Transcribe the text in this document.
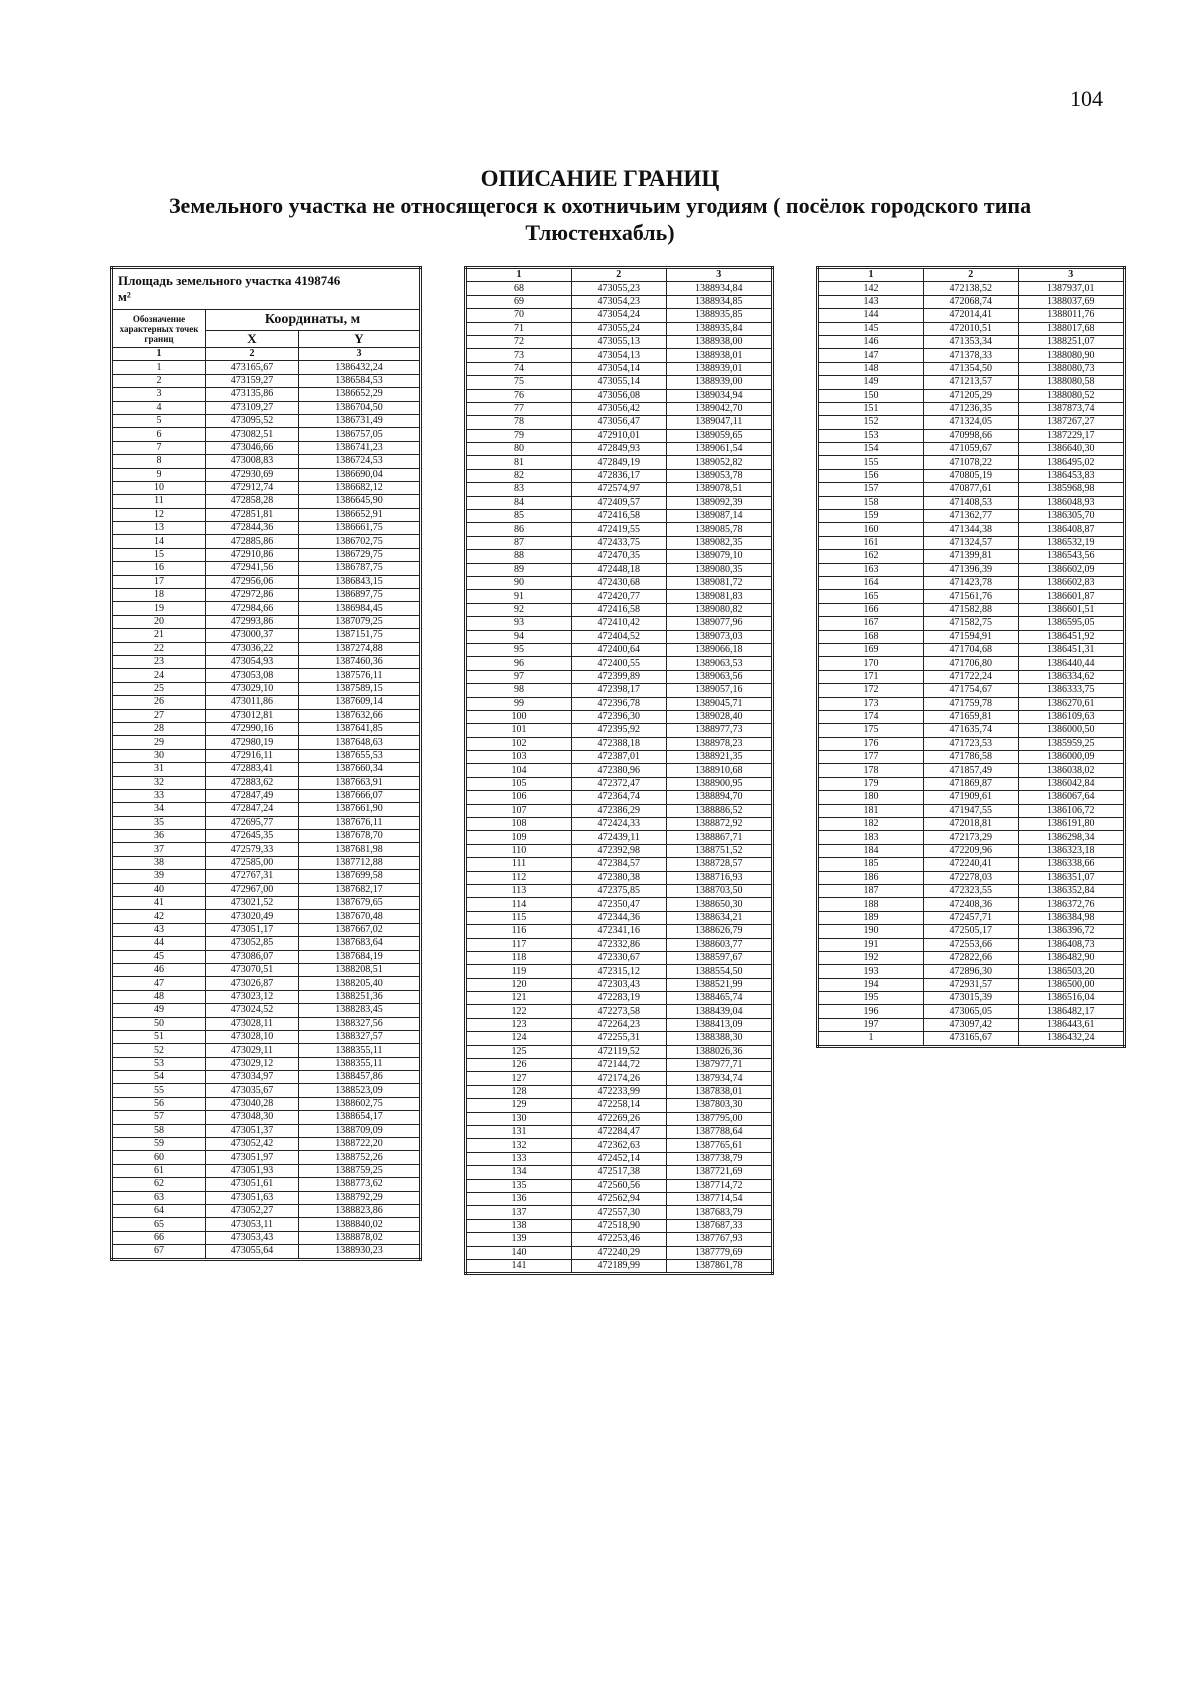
104
ОПИСАНИЕ ГРАНИЦ
Земельного участка не относящегося к охотничьим угодиям ( посёлок городского типа Тлюстенхабль)
Площадь земельного участка 4198746
м²		
Обозначение характерных точек границ	Координаты, м	
	X	Y
1	2	3
1	473165,67	1386432,24
2	473159,27	1386584,53
3	473135,86	1386652,29
4	473109,27	1386704,50
5	473095,52	1386731,49
6	473082,51	1386757,05
7	473046,66	1386741,23
8	473008,83	1386724,53
9	472930,69	1386690,04
10	472912,74	1386682,12
11	472858,28	1386645,90
12	472851,81	1386652,91
13	472844,36	1386661,75
14	472885,86	1386702,75
15	472910,86	1386729,75
16	472941,56	1386787,75
17	472956,06	1386843,15
18	472972,86	1386897,75
19	472984,66	1386984,45
20	472993,86	1387079,25
21	473000,37	1387151,75
22	473036,22	1387274,88
23	473054,93	1387460,36
24	473053,08	1387576,11
25	473029,10	1387589,15
26	473011,86	1387609,14
27	473012,81	1387632,66
28	472990,16	1387641,85
29	472980,19	1387648,63
30	472916,11	1387655,53
31	472883,41	1387660,34
32	472883,62	1387663,91
33	472847,49	1387666,07
34	472847,24	1387661,90
35	472695,77	1387676,11
36	472645,35	1387678,70
37	472579,33	1387681,98
38	472585,00	1387712,88
39	472767,31	1387699,58
40	472967,00	1387682,17
41	473021,52	1387679,65
42	473020,49	1387670,48
43	473051,17	1387667,02
44	473052,85	1387683,64
45	473086,07	1387684,19
46	473070,51	1388208,51
47	473026,87	1388205,40
48	473023,12	1388251,36
49	473024,52	1388283,45
50	473028,11	1388327,56
51	473028,10	1388327,57
52	473029,11	1388355,11
53	473029,12	1388355,11
54	473034,97	1388457,86
55	473035,67	1388523,09
56	473040,28	1388602,75
57	473048,30	1388654,17
58	473051,37	1388709,09
59	473052,42	1388722,20
60	473051,97	1388752,26
61	473051,93	1388759,25
62	473051,61	1388773,62
63	473051,63	1388792,29
64	473052,27	1388823,86
65	473053,11	1388840,02
66	473053,43	1388878,02
67	473055,64	1388930,23
1	2	3
68	473055,23	1388934,84
69	473054,23	1388934,85
70	473054,24	1388935,85
71	473055,24	1388935,84
72	473055,13	1388938,00
73	473054,13	1388938,01
74	473054,14	1388939,01
75	473055,14	1388939,00
76	473056,08	1389034,94
77	473056,42	1389042,70
78	473056,47	1389047,11
79	472910,01	1389059,65
80	472849,93	1389061,54
81	472849,19	1389052,82
82	472836,17	1389053,78
83	472574,97	1389078,51
84	472409,57	1389092,39
85	472416,58	1389087,14
86	472419,55	1389085,78
87	472433,75	1389082,35
88	472470,35	1389079,10
89	472448,18	1389080,35
90	472430,68	1389081,72
91	472420,77	1389081,83
92	472416,58	1389080,82
93	472410,42	1389077,96
94	472404,52	1389073,03
95	472400,64	1389066,18
96	472400,55	1389063,53
97	472399,89	1389063,56
98	472398,17	1389057,16
99	472396,78	1389045,71
100	472396,30	1389028,40
101	472395,92	1388977,73
102	472388,18	1388978,23
103	472387,01	1388921,35
104	472380,96	1388910,68
105	472372,47	1388900,95
106	472364,74	1388894,70
107	472386,29	1388886,52
108	472424,33	1388872,92
109	472439,11	1388867,71
110	472392,98	1388751,52
111	472384,57	1388728,57
112	472380,38	1388716,93
113	472375,85	1388703,50
114	472350,47	1388650,30
115	472344,36	1388634,21
116	472341,16	1388626,79
117	472332,86	1388603,77
118	472330,67	1388597,67
119	472315,12	1388554,50
120	472303,43	1388521,99
121	472283,19	1388465,74
122	472273,58	1388439,04
123	472264,23	1388413,09
124	472255,31	1388388,30
125	472119,52	1388026,36
126	472144,72	1387977,71
127	472174,26	1387934,74
128	472233,99	1387838,01
129	472258,14	1387803,30
130	472269,26	1387795,00
131	472284,47	1387788,64
132	472362,63	1387765,61
133	472452,14	1387738,79
134	472517,38	1387721,69
135	472560,56	1387714,72
136	472562,94	1387714,54
137	472557,30	1387683,79
138	472518,90	1387687,33
139	472253,46	1387767,93
140	472240,29	1387779,69
141	472189,99	1387861,78
1	2	3
142	472138,52	1387937,01
143	472068,74	1388037,69
144	472014,41	1388011,76
145	472010,51	1388017,68
146	471353,34	1388251,07
147	471378,33	1388080,90
148	471354,50	1388080,73
149	471213,57	1388080,58
150	471205,29	1388080,52
151	471236,35	1387873,74
152	471324,05	1387267,27
153	470998,66	1387229,17
154	471059,67	1386640,30
155	471078,22	1386495,02
156	470805,19	1386453,83
157	470877,61	1385968,98
158	471408,53	1386048,93
159	471362,77	1386305,70
160	471344,38	1386408,87
161	471324,57	1386532,19
162	471399,81	1386543,56
163	471396,39	1386602,09
164	471423,78	1386602,83
165	471561,76	1386601,87
166	471582,88	1386601,51
167	471582,75	1386595,05
168	471594,91	1386451,92
169	471704,68	1386451,31
170	471706,80	1386440,44
171	471722,24	1386334,62
172	471754,67	1386333,75
173	471759,78	1386270,61
174	471659,81	1386109,63
175	471635,74	1386000,50
176	471723,53	1385959,25
177	471786,58	1386000,09
178	471857,49	1386038,02
179	471869,87	1386042,84
180	471909,61	1386067,64
181	471947,55	1386106,72
182	472018,81	1386191,80
183	472173,29	1386298,34
184	472209,96	1386323,18
185	472240,41	1386338,66
186	472278,03	1386351,07
187	472323,55	1386352,84
188	472408,36	1386372,76
189	472457,71	1386384,98
190	472505,17	1386396,72
191	472553,66	1386408,73
192	472822,66	1386482,90
193	472896,30	1386503,20
194	472931,57	1386500,00
195	473015,39	1386516,04
196	473065,05	1386482,17
197	473097,42	1386443,61
1	473165,67	1386432,24
